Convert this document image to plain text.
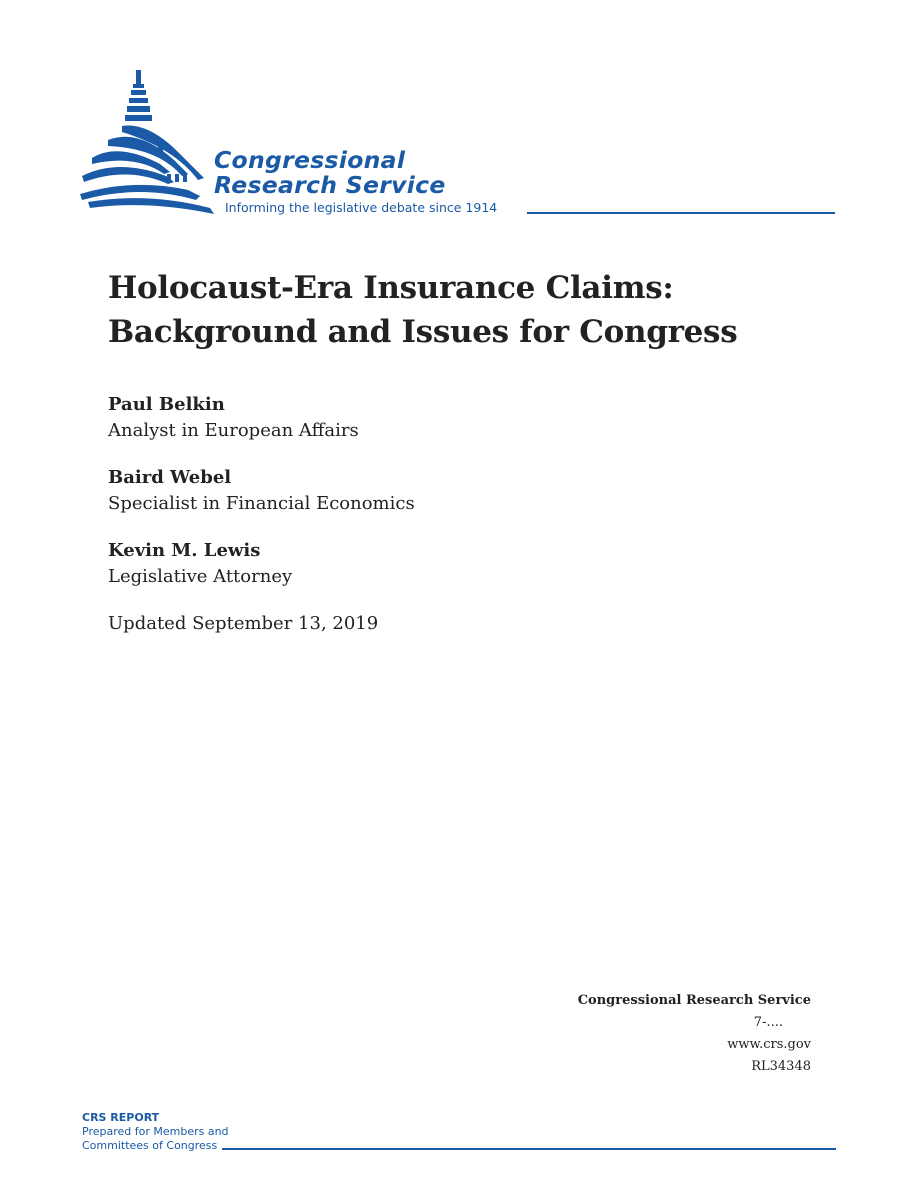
Congressional
Research Service
Informing the legislative debate since 1914
Holocaust-Era Insurance Claims: Background and Issues for Congress
Paul Belkin
Analyst in European Affairs
Baird Webel
Specialist in Financial Economics
Kevin M. Lewis
Legislative Attorney
Updated September 13, 2019
Congressional Research Service
7-....
www.crs.gov
RL34348
CRS REPORT
Prepared for Members and
Committees of Congress
